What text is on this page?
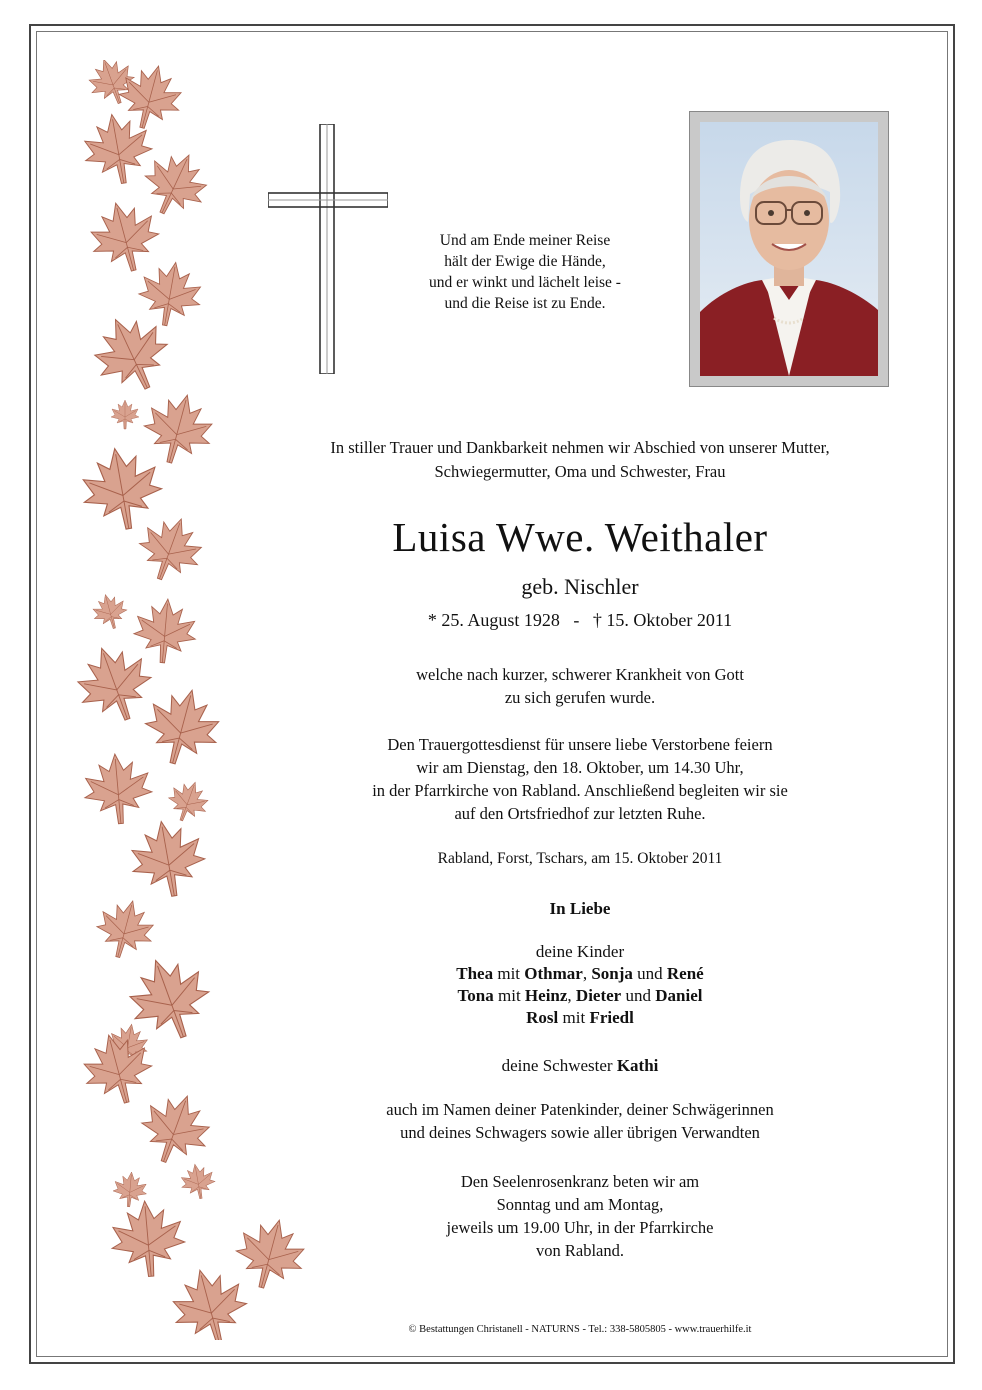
Und am Ende meiner Reise
hält der Ewige die Hände,
und er winkt und lächelt leise -
und die Reise ist zu Ende.
In stiller Trauer und Dankbarkeit nehmen wir Abschied von unserer Mutter,
Schwiegermutter, Oma und Schwester, Frau
Luisa Wwe. Weithaler
geb. Nischler
* 25. August 1928 - † 15. Oktober 2011
welche nach kurzer, schwerer Krankheit von Gott
zu sich gerufen wurde.
Den Trauergottesdienst für unsere liebe Verstorbene feiern
wir am Dienstag, den 18. Oktober, um 14.30 Uhr,
in der Pfarrkirche von Rabland. Anschließend begleiten wir sie
auf den Ortsfriedhof zur letzten Ruhe.
Rabland, Forst, Tschars, am 15. Oktober 2011
In Liebe
deine Kinder
Thea mit Othmar, Sonja und René
Tona mit Heinz, Dieter und Daniel
Rosl mit Friedl
deine Schwester Kathi
auch im Namen deiner Patenkinder, deiner Schwägerinnen
und deines Schwagers sowie aller übrigen Verwandten
Den Seelenrosenkranz beten wir am
Sonntag und am Montag,
jeweils um 19.00 Uhr, in der Pfarrkirche
von Rabland.
© Bestattungen Christanell - NATURNS - Tel.: 338-5805805 - www.trauerhilfe.it
